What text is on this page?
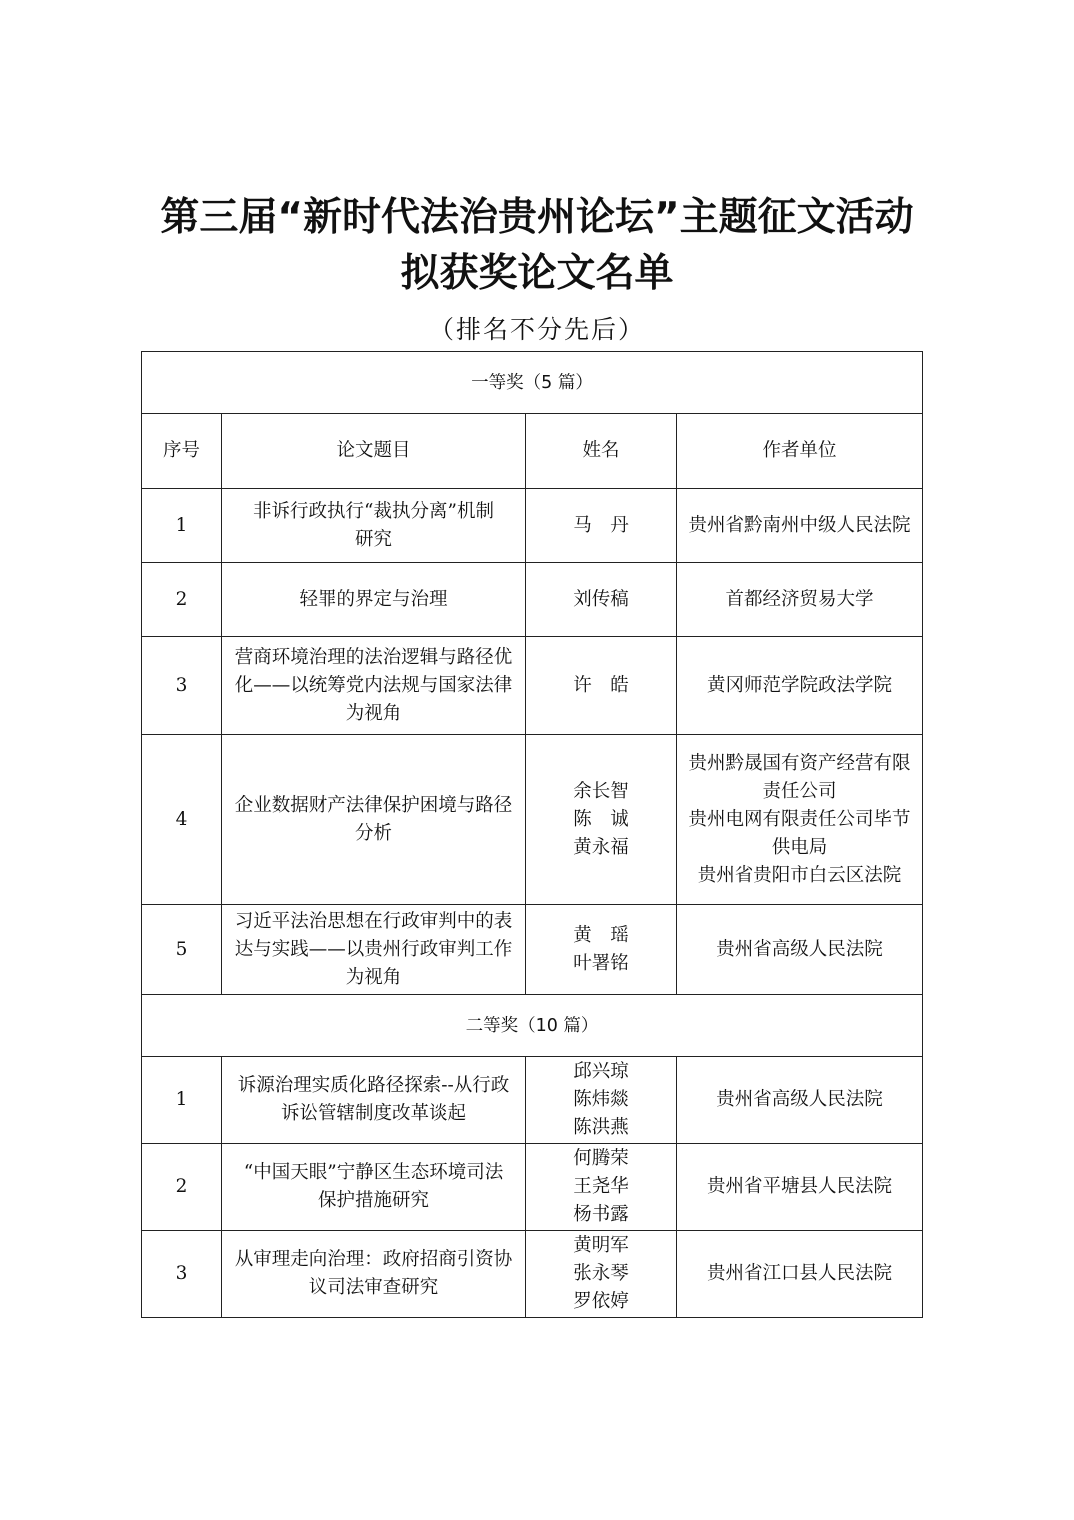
第三届“新时代法治贵州论坛”主题征文活动
拟获奖论文名单
（排名不分先后）
一等奖（5 篇）			
序号	论文题目	姓名	作者单位
1	非诉行政执行“裁执分离”机制
研究	马　丹	贵州省黔南州中级人民法院

2	轻罪的界定与治理	刘传稿	首都经济贸易大学

3	营商环境治理的法治逻辑与路径优
化——以统筹党内法规与国家法律
为视角	许　皓	黄冈师范学院政法学院

4	企业数据财产法律保护困境与路径
分析	余长智
陈　诚
黄永福	贵州黔晟国有资产经营有限
责任公司
贵州电网有限责任公司毕节
供电局
贵州省贵阳市白云区法院

5	习近平法治思想在行政审判中的表
达与实践——以贵州行政审判工作
为视角	黄　瑶
叶署铭	贵州省高级人民法院

二等奖（10 篇）			
1	诉源治理实质化路径探索--从行政
诉讼管辖制度改革谈起	邱兴琼
陈炜燚
陈洪燕	贵州省高级人民法院

2	“中国天眼”宁静区生态环境司法
保护措施研究	何腾荣
王尧华
杨书露	贵州省平塘县人民法院

3	从审理走向治理：政府招商引资协
议司法审查研究	黄明军
张永琴
罗依婷	贵州省江口县人民法院
